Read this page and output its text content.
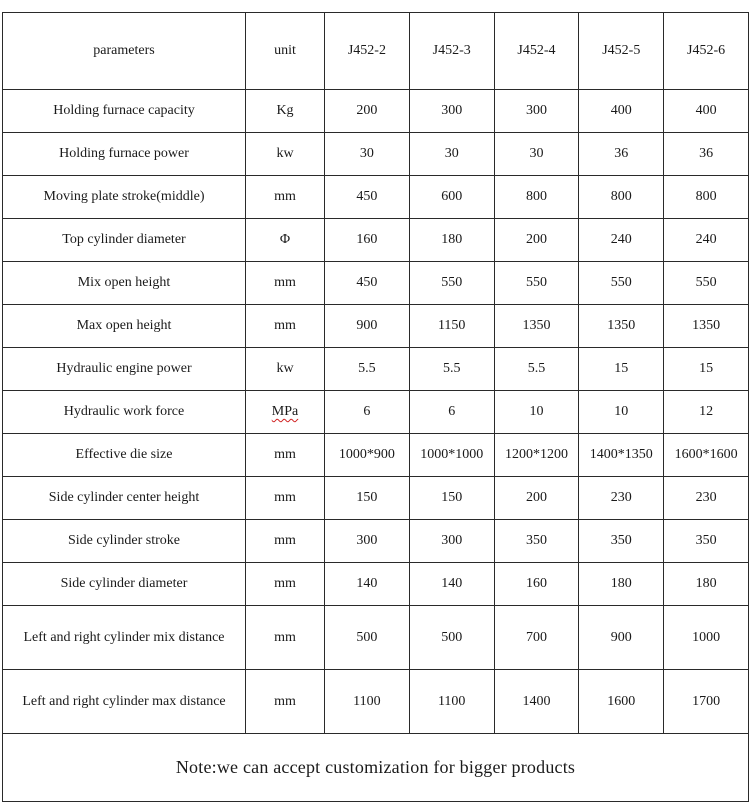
parameters	unit	J452-2	J452-3	J452-4	J452-5	J452-6
Holding furnace capacity	Kg	200	300	300	400	400
Holding furnace power	kw	30	30	30	36	36
Moving plate stroke(middle)	mm	450	600	800	800	800
Top cylinder diameter	Φ	160	180	200	240	240
Mix open height	mm	450	550	550	550	550
Max open height	mm	900	1150	1350	1350	1350
Hydraulic engine power	kw	5.5	5.5	5.5	15	15
Hydraulic work force	MPa	6	6	10	10	12
Effective die size	mm	1000*900	1000*1000	1200*1200	1400*1350	1600*1600
Side cylinder center height	mm	150	150	200	230	230
Side cylinder stroke	mm	300	300	350	350	350
Side cylinder diameter	mm	140	140	160	180	180
Left and right cylinder mix distance	mm	500	500	700	900	1000
Left and right cylinder max distance	mm	1100	1100	1400	1600	1700
Note:we can accept customization for bigger products						
